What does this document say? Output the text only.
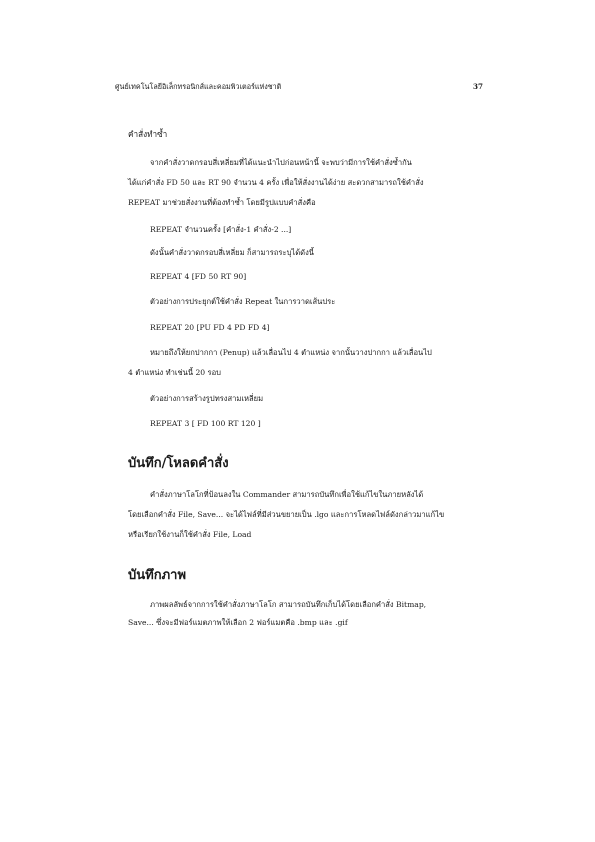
ศูนย์เทคโนโลยีอิเล็กทรอนิกส์และคอมพิวเตอร์แห่งชาติ	37
คำสั่งทำซ้ำ
จากคำสั่งวาดกรอบสี่เหลี่ยมที่ได้แนะนำไปก่อนหน้านี้ จะพบว่ามีการใช้คำสั่งซ้ำกัน
ได้แก่คำสั่ง FD 50 และ RT 90 จำนวน 4 ครั้ง เพื่อให้สั่งงานได้ง่าย สะดวกสามารถใช้คำสั่ง
REPEAT มาช่วยสั่งงานที่ต้องทำซ้ำ โดยมีรูปแบบคำสั่งคือ
REPEAT จำนวนครั้ง [คำสั่ง-1 คำสั่ง-2 ...]
ดังนั้นคำสั่งวาดกรอบสี่เหลี่ยม ก็สามารถระบุได้ดังนี้
REPEAT 4 [FD 50 RT 90]
ตัวอย่างการประยุกต์ใช้คำสั่ง Repeat ในการวาดเส้นประ
REPEAT 20 [PU FD 4 PD FD 4]
หมายถึงให้ยกปากกา (Penup) แล้วเลื่อนไป 4 ตำแหน่ง จากนั้นวางปากกา แล้วเลื่อนไป
4 ตำแหน่ง ทำเช่นนี้ 20 รอบ
ตัวอย่างการสร้างรูปทรงสามเหลี่ยม
REPEAT 3 [ FD 100 RT 120 ]
บันทึก/โหลดคำสั่ง
คำสั่งภาษาโลโกที่ป้อนลงใน Commander สามารถบันทึกเพื่อใช้แก้ไขในภายหลังได้
โดยเลือกคำสั่ง File, Save... จะได้ไฟล์ที่มีส่วนขยายเป็น .lgo และการโหลดไฟล์ดังกล่าวมาแก้ไข
หรือเรียกใช้งานก็ใช้คำสั่ง File, Load
บันทึกภาพ
ภาพผลลัพธ์จากการใช้คำสั่งภาษาโลโก สามารถบันทึกเก็บได้โดยเลือกคำสั่ง Bitmap,
Save... ซึ่งจะมีฟอร์แมตภาพให้เลือก 2 ฟอร์แมตคือ .bmp และ .gif
